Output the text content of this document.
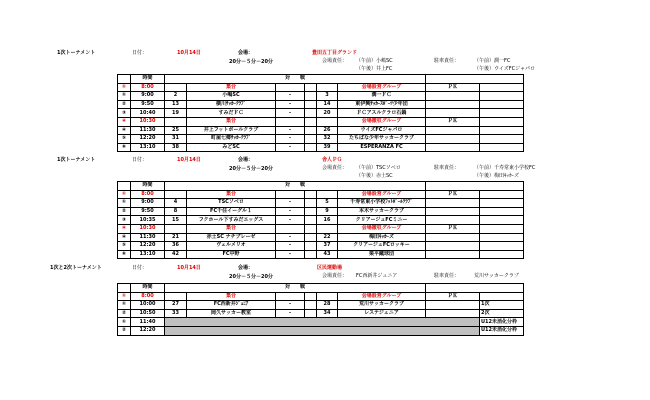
1次トーナメント	日付：	10月14日	会場：	豊田五丁目グランド
20分－５分－20分	会場責任： （午前）小嶋SC
（午後）井上FC
駐車責任：	（午前）潤一FC
（午後）ウイズFCジャパロ
	時間	対　　戦							
①	8:00		集合				会場設営グループ	ＰＫ	
①	9:00	2	小嶋SC	-		3	潤一ＦＣ		
②	9:50	13	横川ｻｯｶｰｸﾗﾌﾞ	-		14	東伊興ｻｯｶｰｽﾎﾟｰﾂ少年団		
③	10:40	19	すみだＦＣ	-		20	ＦＣアスルクラロ石鍋		
④	10:30		集合				会場撤収グループ	ＰＫ	
④	11:30	25	井上フットボールクラブ	-		26	ウイズFCジャパロ		
⑤	12:20	31	町屋七郷ｻｯｶｰｸﾗﾌﾞ	-		32	たちばな少年サッカークラブ		
⑥	13:10	38	みどSC	-		39	ESPERANZA FC		
1次トーナメント	日付：	10月14日	会場：	舎人ＰＧ
20分－５分－20分	会場責任： （午前）TSCソベロ
（午後）赤土SC
駐車責任：	（午前）千寿常東小学校FC
（午後）梅田ｷｯｶｰズ
	時間	対　　戦							
①	8:00		集合				会場設営グループ	ＰＫ	
①	9:00	4	TSCソベロ	-		5	千寿常東小学校ﾌｯﾄﾎﾞｰﾙｸﾗﾌﾞ		
②	9:50	8	FC千住イーグル１	-		9	本木サッカークラブ		
③	10:35	15	フクホール下すみだエッグス	-		16	クリアージュFCミニー		
④	10:30		集合				会場撤収グループ	ＰＫ	
④	11:30	21	赤土SC ナチブレーゼ	-		22	梅田ｷｯｶｰズ		
⑤	12:20	36	ヴェルメリオ	-		37	クリアージュFCロッキー		
⑥	13:10	42	FC中野	-		43	栗平蹴球団		
1次と2次トーナメント	日付：	10月14日	会場：	区民運動場
20分－５分－20分	会場責任： FC西新井ジュニア	駐車責任：	荒川サッカークラブ
	時間	対　　戦							
①	8:00		集合				会場設営グループ	ＰＫ	
①	10:00	27	FC西新井ｼﾞｭﾆｱ	-		28	荒川サッカークラブ		1次
②	10:50	33	岡久サッカー教室	-		34	レステジュニア		2次
①	11:40								U12未消化分枠
②	12:20								U12未消化分枠
